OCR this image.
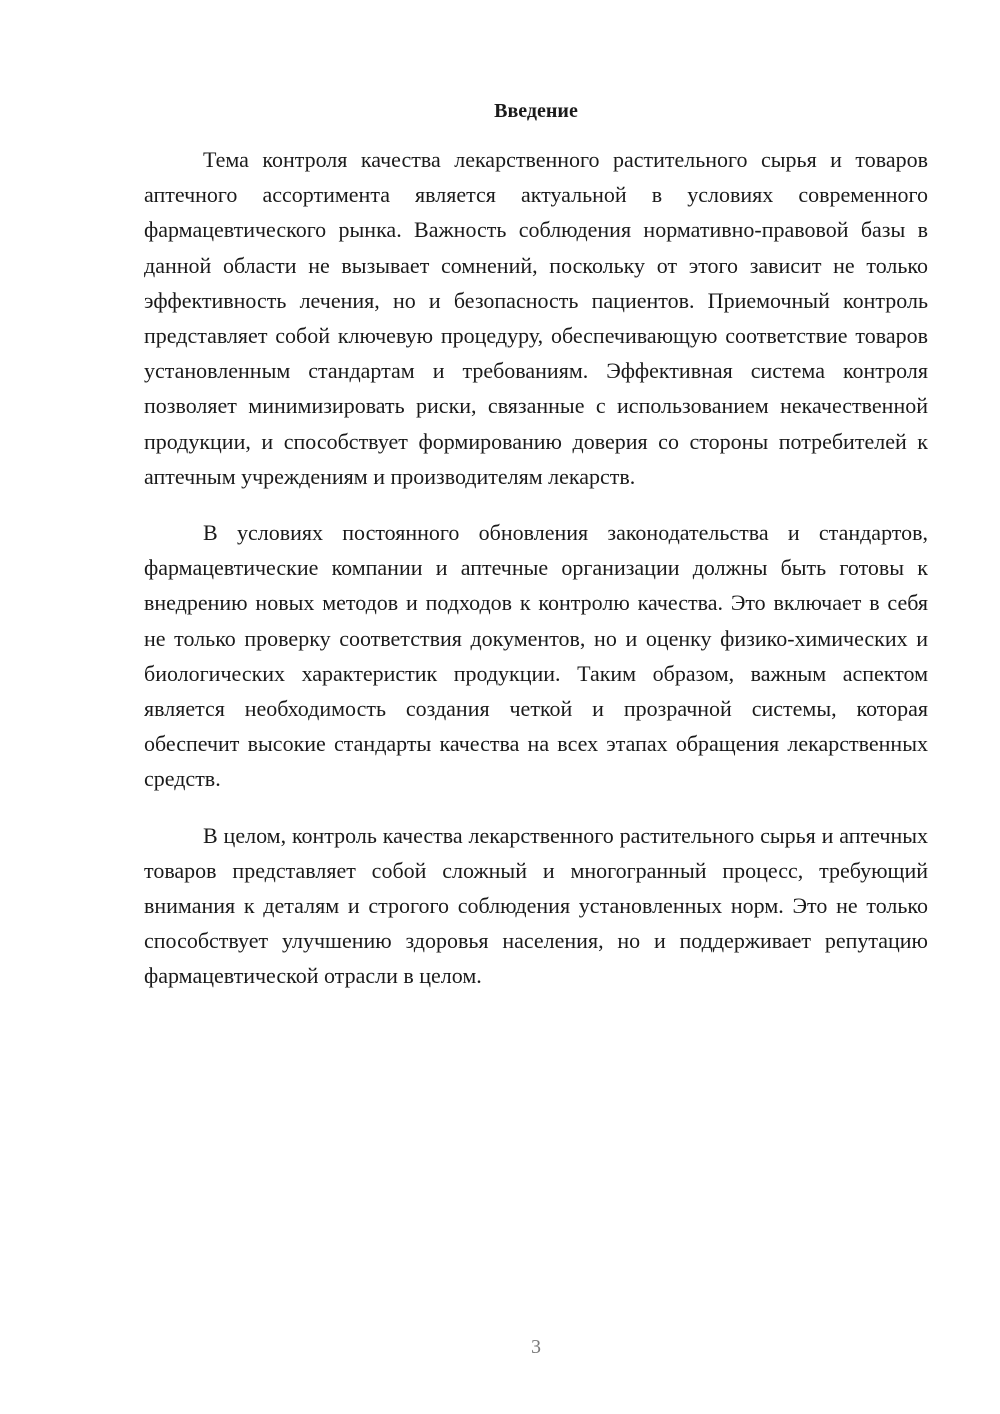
Введение

Тема контроля качества лекарственного растительного сырья и товаров аптечного ассортимента является актуальной в условиях современного фармацевтического рынка. Важность соблюдения нормативно-правовой базы в данной области не вызывает сомнений, поскольку от этого зависит не только эффективность лечения, но и безопасность пациентов. Приемочный контроль представляет собой ключевую процедуру, обеспечивающую соответствие товаров установленным стандартам и требованиям. Эффективная система контроля позволяет минимизировать риски, связанные с использованием некачественной продукции, и способствует формированию доверия со стороны потребителей к аптечным учреждениям и производителям лекарств.

В условиях постоянного обновления законодательства и стандартов, фармацевтические компании и аптечные организации должны быть готовы к внедрению новых методов и подходов к контролю качества. Это включает в себя не только проверку соответствия документов, но и оценку физико-химических и биологических характеристик продукции. Таким образом, важным аспектом является необходимость создания четкой и прозрачной системы, которая обеспечит высокие стандарты качества на всех этапах обращения лекарственных средств.

В целом, контроль качества лекарственного растительного сырья и аптечных товаров представляет собой сложный и многогранный процесс, требующий внимания к деталям и строгого соблюдения установленных норм. Это не только способствует улучшению здоровья населения, но и поддерживает репутацию фармацевтической отрасли в целом.

3
